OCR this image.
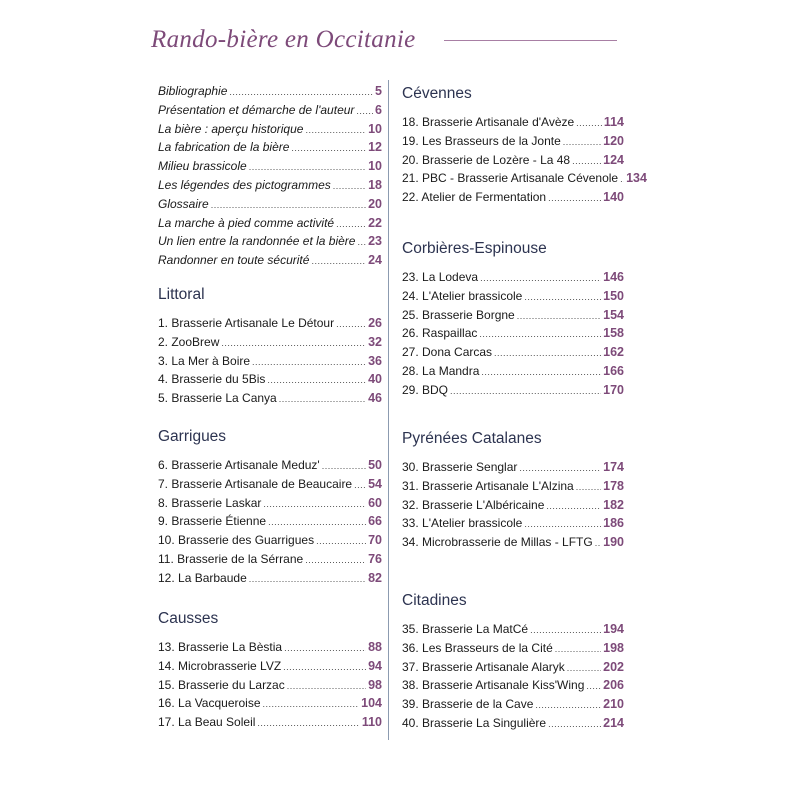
Rando-bière en Occitanie
Bibliographie .....	5
Présentation et démarche de l'auteur ..... 6
La bière : aperçu historique .....	10
La fabrication de la bière .....	12
Milieu brassicole .....	10
Les légendes des pictogrammes .....	18
Glossaire .....	20
La marche à pied comme activité .....	22
Un lien entre la randonnée et la bière ..... 23
Randonner en toute sécurité .....	24
Littoral
1. Brasserie Artisanale Le Détour .....	26
2. ZooBrew .....	32
3. La Mer à Boire .....	36
4. Brasserie du 5Bis .....	40
5. Brasserie La Canya .....	46
Garrigues
6. Brasserie Artisanale Meduz' .....	50
7. Brasserie Artisanale de Beaucaire ..... 54
8. Brasserie Laskar .....	60
9. Brasserie Étienne .....	66
10. Brasserie des Guarrigues .....	70
11. Brasserie de la Sérrane .....	76
12. La Barbaude .....	82
Causses
13. Brasserie La Bèstia .....	88
14. Microbrasserie LVZ .....	94
15. Brasserie du Larzac .....	98
16. La Vacqueroise .....	104
17. La Beau Soleil .....	110
Cévennes
18. Brasserie Artisanale d'Avèze ..... 114
19. Les Brasseurs de la Jonte .....	120
20. Brasserie de Lozère - La 48 .....	124
21. PBC - Brasserie Artisanale Cévenole ..... 134
22. Atelier de Fermentation .....	140
Corbières-Espinouse
23. La Lodeva .....	146
24. L'Atelier brassicole .....	150
25. Brasserie Borgne .....	154
26. Raspaillac .....	158
27. Dona Carcas .....	162
28. La Mandra .....	166
29. BDQ .....	170
Pyrénées Catalanes
30. Brasserie Senglar .....	174
31. Brasserie Artisanale L'Alzina ..... 178
32. Brasserie L'Albéricaine .....	182
33. L'Atelier brassicole .....	186
34. Microbrasserie de Millas - LFTG ..... 190
Citadines
35. Brasserie La MatCé .....	194
36. Les Brasseurs de la Cité .....	198
37. Brasserie Artisanale Alaryk .....	202
38. Brasserie Artisanale Kiss'Wing ..... 206
39. Brasserie de la Cave .....	210
40. Brasserie La Singulière .....	214
